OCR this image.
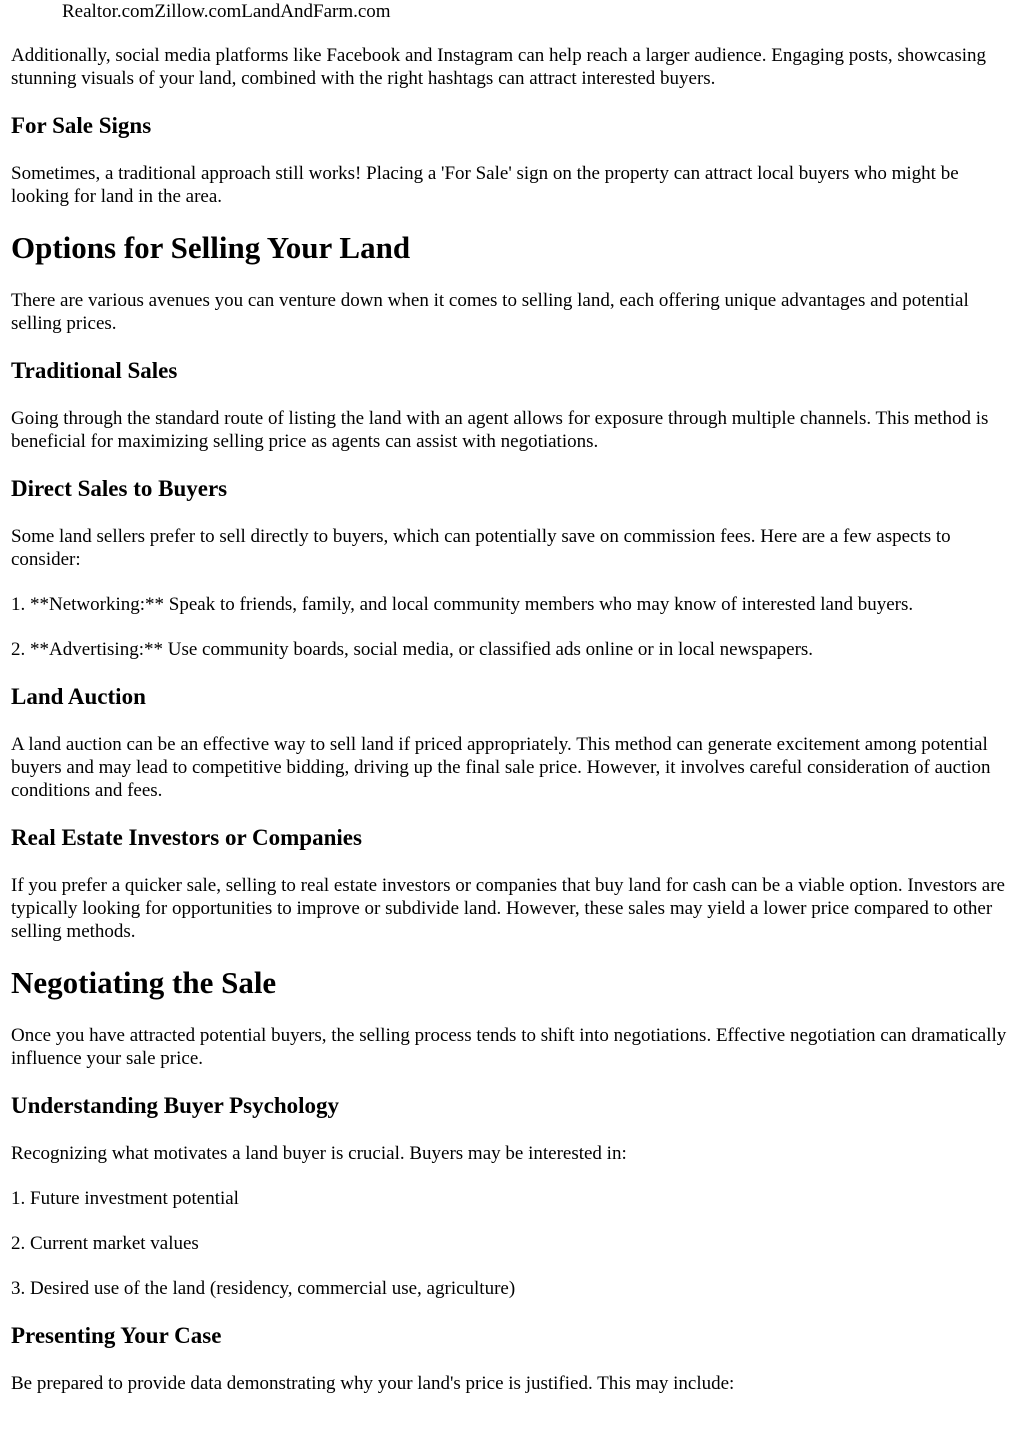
Realtor.comZillow.comLandAndFarm.com

Additionally, social media platforms like Facebook and Instagram can help reach a larger audience. Engaging posts, showcasing stunning visuals of your land, combined with the right hashtags can attract interested buyers.

For Sale Signs

Sometimes, a traditional approach still works! Placing a 'For Sale' sign on the property can attract local buyers who might be looking for land in the area.

Options for Selling Your Land

There are various avenues you can venture down when it comes to selling land, each offering unique advantages and potential selling prices.

Traditional Sales

Going through the standard route of listing the land with an agent allows for exposure through multiple channels. This method is beneficial for maximizing selling price as agents can assist with negotiations.

Direct Sales to Buyers

Some land sellers prefer to sell directly to buyers, which can potentially save on commission fees. Here are a few aspects to consider:

1. **Networking:** Speak to friends, family, and local community members who may know of interested land buyers.

2. **Advertising:** Use community boards, social media, or classified ads online or in local newspapers.

Land Auction

A land auction can be an effective way to sell land if priced appropriately. This method can generate excitement among potential buyers and may lead to competitive bidding, driving up the final sale price. However, it involves careful consideration of auction conditions and fees.

Real Estate Investors or Companies

If you prefer a quicker sale, selling to real estate investors or companies that buy land for cash can be a viable option. Investors are typically looking for opportunities to improve or subdivide land. However, these sales may yield a lower price compared to other selling methods.

Negotiating the Sale

Once you have attracted potential buyers, the selling process tends to shift into negotiations. Effective negotiation can dramatically influence your sale price.

Understanding Buyer Psychology

Recognizing what motivates a land buyer is crucial. Buyers may be interested in:

1. Future investment potential

2. Current market values

3. Desired use of the land (residency, commercial use, agriculture)

Presenting Your Case

Be prepared to provide data demonstrating why your land's price is justified. This may include:
